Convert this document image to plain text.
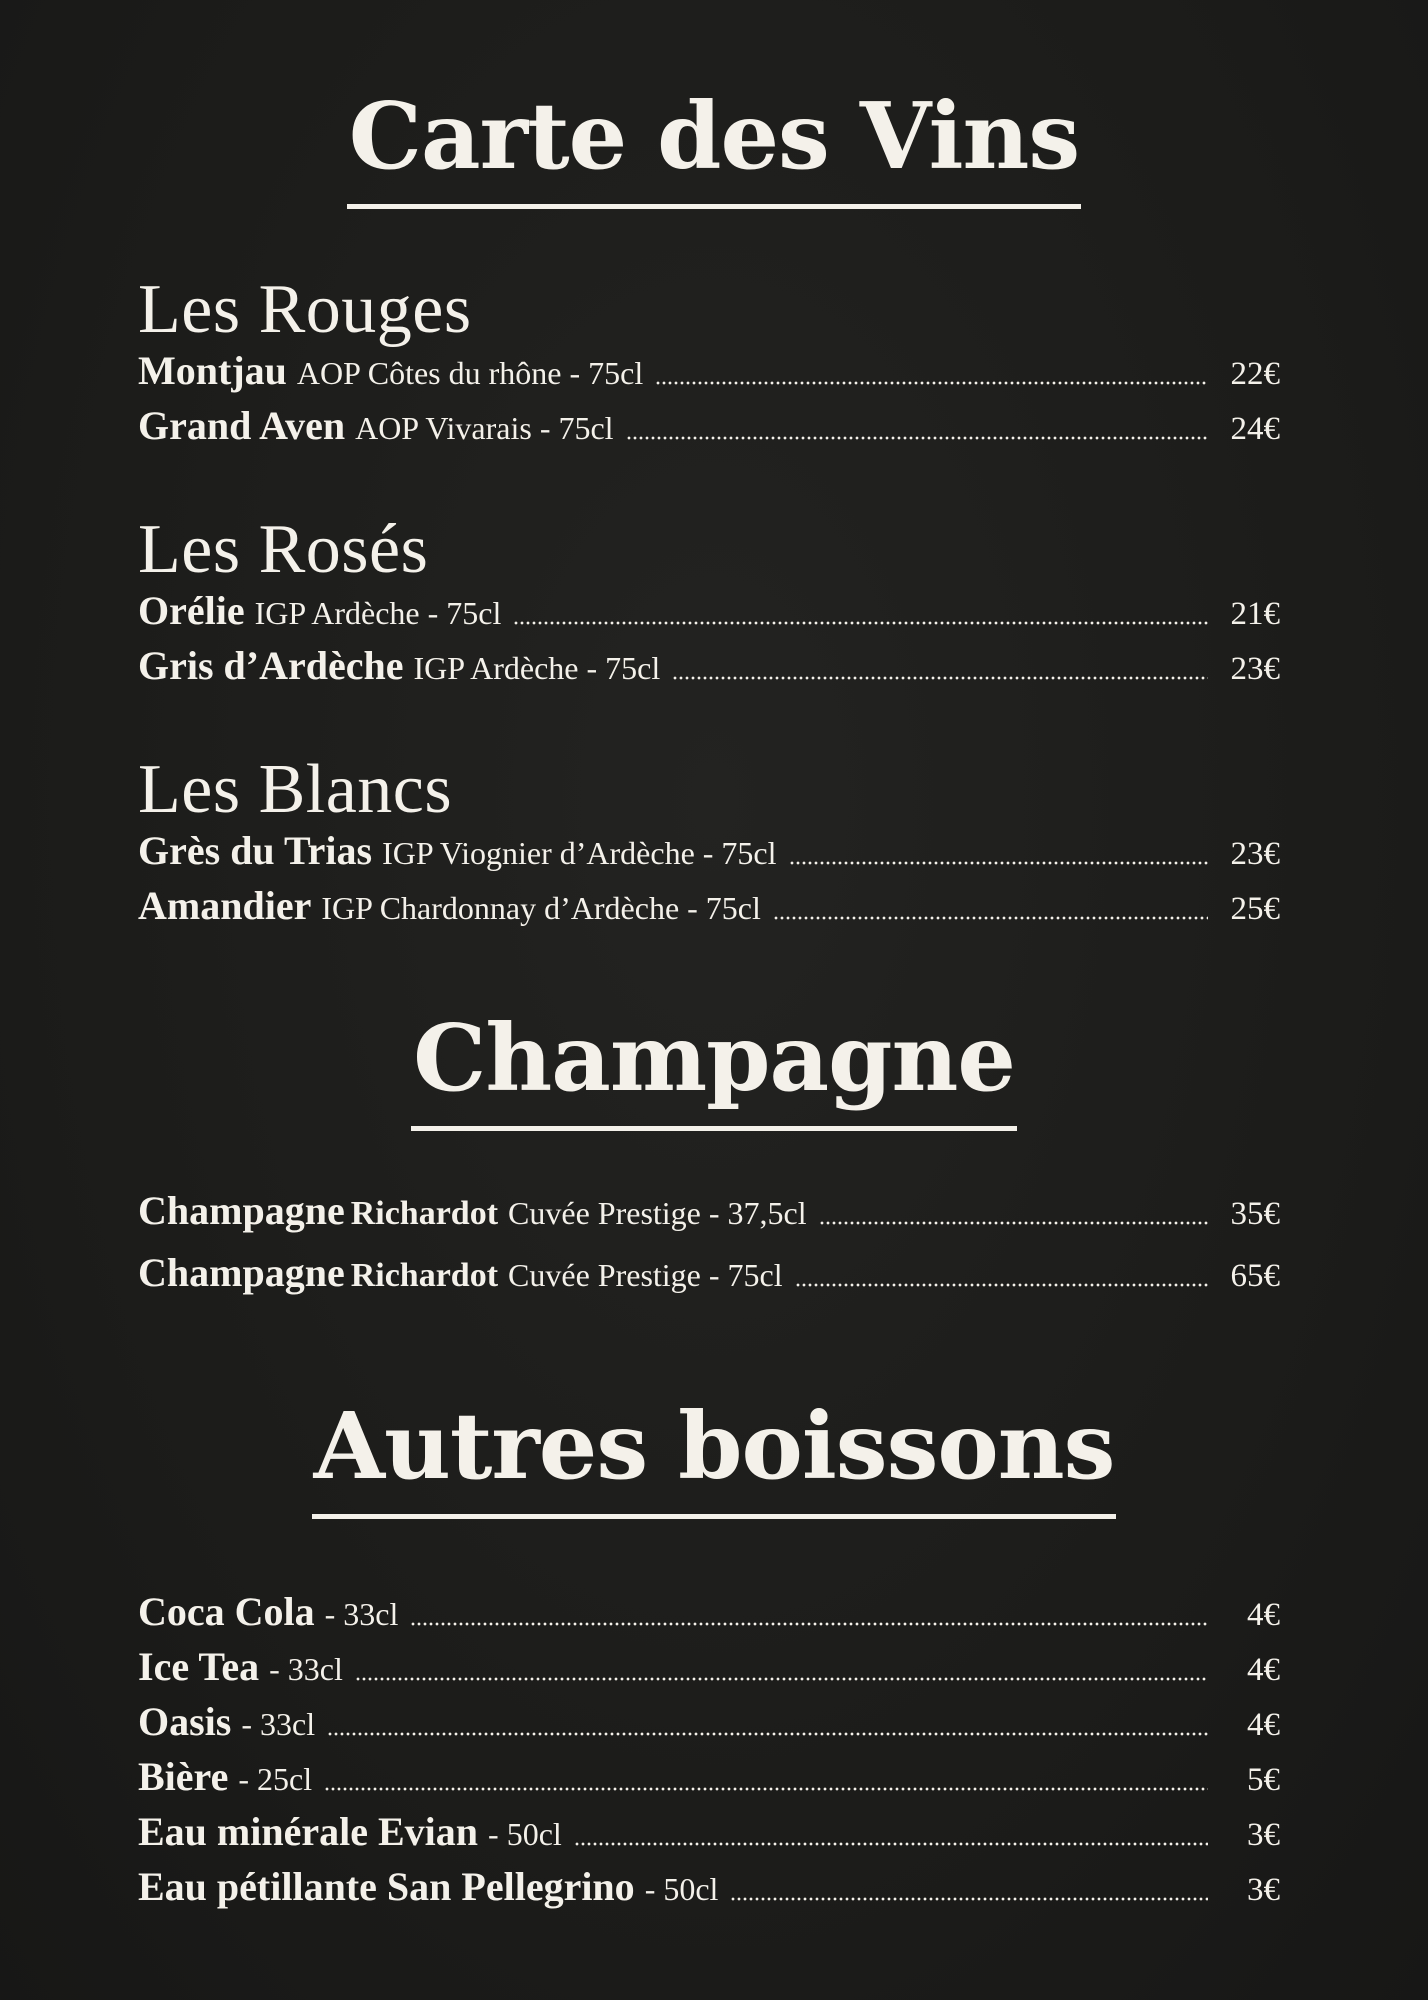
Carte des Vins
Les Rouges
Montjau AOP Côtes du rhône - 75cl	22€
Grand Aven AOP Vivarais - 75cl	24€
Les Rosés
Orélie IGP Ardèche - 75cl	21€
Gris d’Ardèche IGP Ardèche - 75cl	23€
Les Blancs
Grès du Trias IGP Viognier d’Ardèche - 75cl	23€
Amandier IGP Chardonnay d’Ardèche - 75cl	25€
Champagne
Champagne Richardot Cuvée Prestige - 37,5cl	35€
Champagne Richardot Cuvée Prestige - 75cl	65€
Autres boissons
Coca Cola - 33cl	4€
Ice Tea - 33cl	4€
Oasis - 33cl	4€
Bière - 25cl	5€
Eau minérale Evian - 50cl	3€
Eau pétillante San Pellegrino - 50cl	3€
